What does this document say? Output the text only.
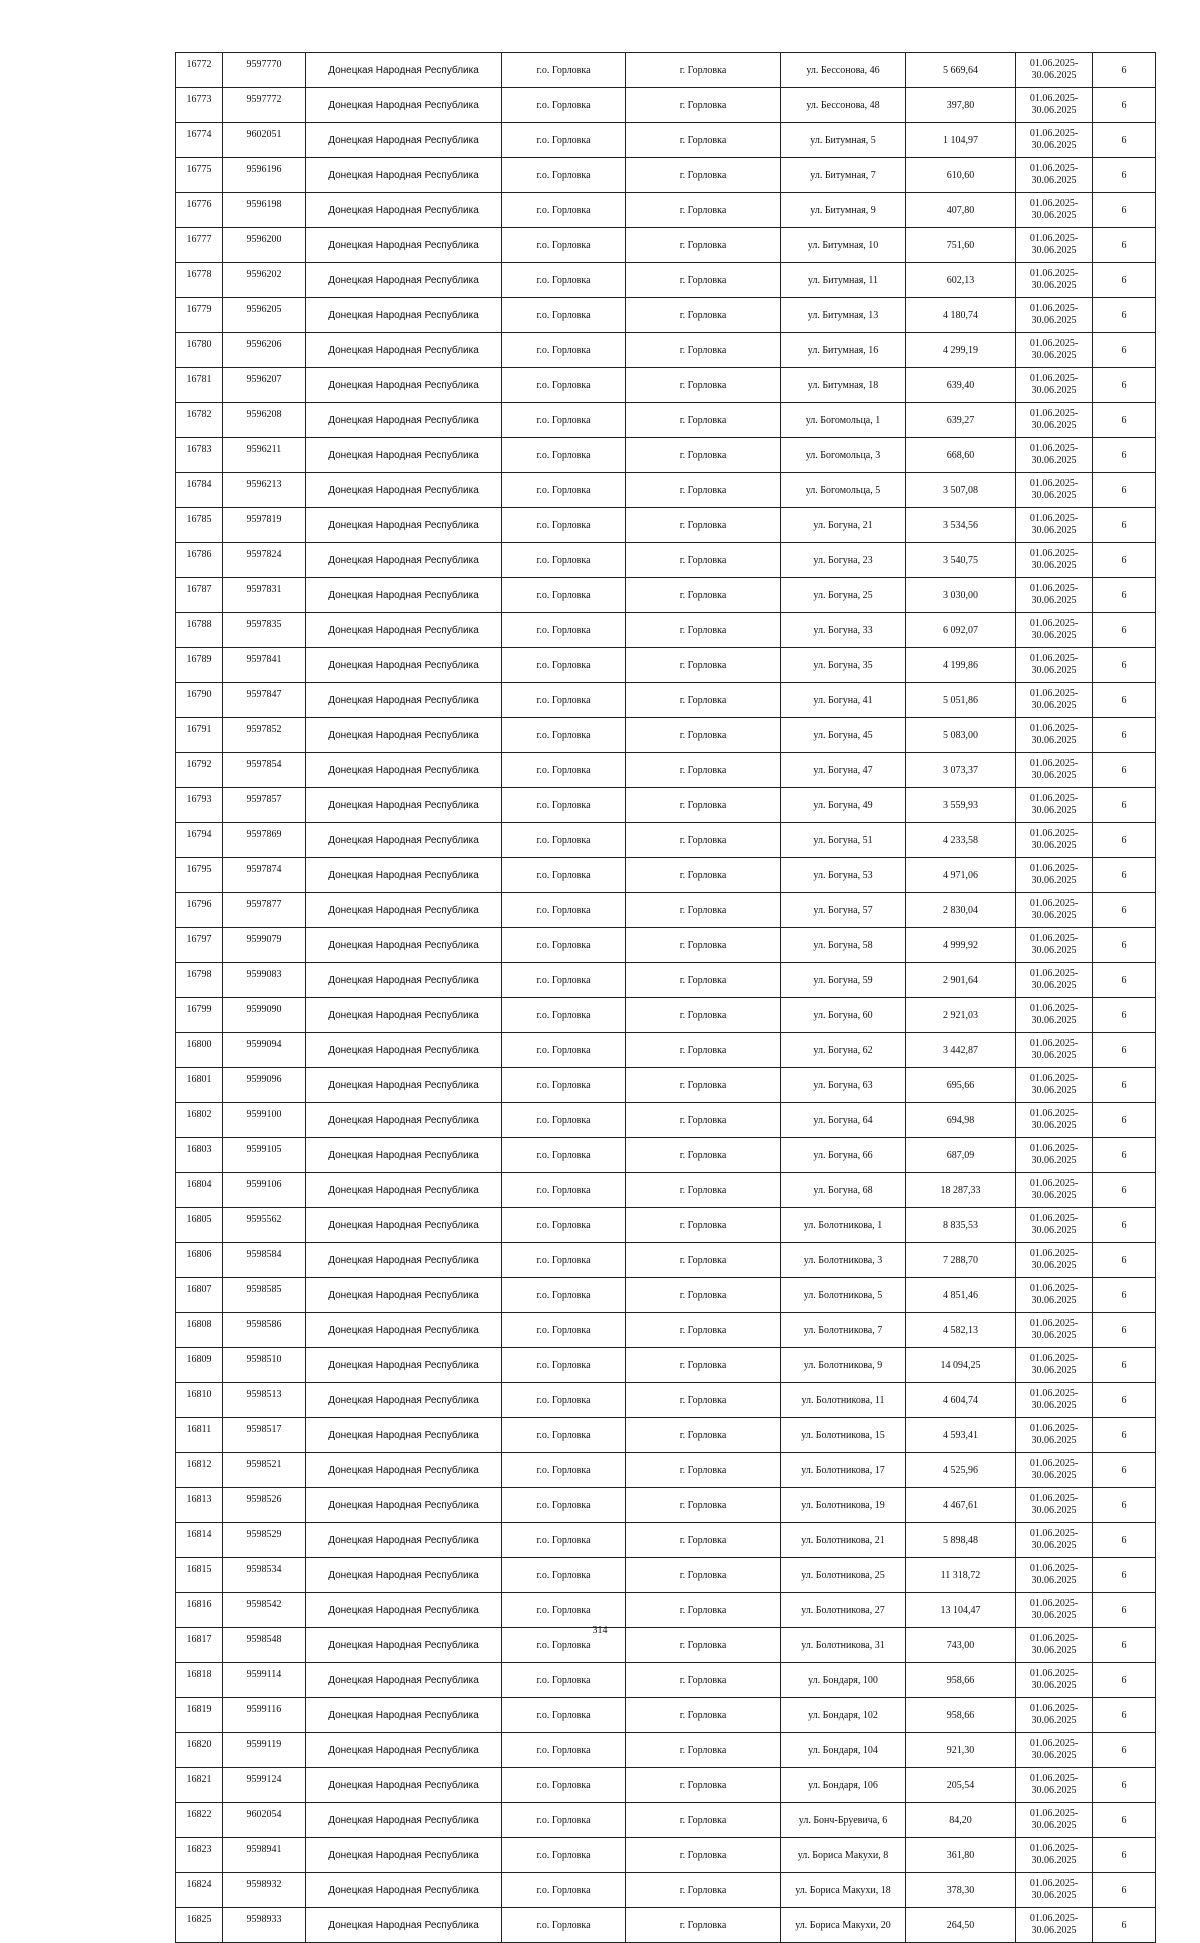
16772	9597770	Донецкая Народная Республика	г.о. Горловка	г. Горловка	ул. Бессонова, 46	5 669,64	01.06.2025-30.06.2025	6
16773	9597772	Донецкая Народная Республика	г.о. Горловка	г. Горловка	ул. Бессонова, 48	397,80	01.06.2025-30.06.2025	6
16774	9602051	Донецкая Народная Республика	г.о. Горловка	г. Горловка	ул. Битумная, 5	1 104,97	01.06.2025-30.06.2025	6
16775	9596196	Донецкая Народная Республика	г.о. Горловка	г. Горловка	ул. Битумная, 7	610,60	01.06.2025-30.06.2025	6
16776	9596198	Донецкая Народная Республика	г.о. Горловка	г. Горловка	ул. Битумная, 9	407,80	01.06.2025-30.06.2025	6
16777	9596200	Донецкая Народная Республика	г.о. Горловка	г. Горловка	ул. Битумная, 10	751,60	01.06.2025-30.06.2025	6
16778	9596202	Донецкая Народная Республика	г.о. Горловка	г. Горловка	ул. Битумная, 11	602,13	01.06.2025-30.06.2025	6
16779	9596205	Донецкая Народная Республика	г.о. Горловка	г. Горловка	ул. Битумная, 13	4 180,74	01.06.2025-30.06.2025	6
16780	9596206	Донецкая Народная Республика	г.о. Горловка	г. Горловка	ул. Битумная, 16	4 299,19	01.06.2025-30.06.2025	6
16781	9596207	Донецкая Народная Республика	г.о. Горловка	г. Горловка	ул. Битумная, 18	639,40	01.06.2025-30.06.2025	6
16782	9596208	Донецкая Народная Республика	г.о. Горловка	г. Горловка	ул. Богомольца, 1	639,27	01.06.2025-30.06.2025	6
16783	9596211	Донецкая Народная Республика	г.о. Горловка	г. Горловка	ул. Богомольца, 3	668,60	01.06.2025-30.06.2025	6
16784	9596213	Донецкая Народная Республика	г.о. Горловка	г. Горловка	ул. Богомольца, 5	3 507,08	01.06.2025-30.06.2025	6
16785	9597819	Донецкая Народная Республика	г.о. Горловка	г. Горловка	ул. Богуна, 21	3 534,56	01.06.2025-30.06.2025	6
16786	9597824	Донецкая Народная Республика	г.о. Горловка	г. Горловка	ул. Богуна, 23	3 540,75	01.06.2025-30.06.2025	6
16787	9597831	Донецкая Народная Республика	г.о. Горловка	г. Горловка	ул. Богуна, 25	3 030,00	01.06.2025-30.06.2025	6
16788	9597835	Донецкая Народная Республика	г.о. Горловка	г. Горловка	ул. Богуна, 33	6 092,07	01.06.2025-30.06.2025	6
16789	9597841	Донецкая Народная Республика	г.о. Горловка	г. Горловка	ул. Богуна, 35	4 199,86	01.06.2025-30.06.2025	6
16790	9597847	Донецкая Народная Республика	г.о. Горловка	г. Горловка	ул. Богуна, 41	5 051,86	01.06.2025-30.06.2025	6
16791	9597852	Донецкая Народная Республика	г.о. Горловка	г. Горловка	ул. Богуна, 45	5 083,00	01.06.2025-30.06.2025	6
16792	9597854	Донецкая Народная Республика	г.о. Горловка	г. Горловка	ул. Богуна, 47	3 073,37	01.06.2025-30.06.2025	6
16793	9597857	Донецкая Народная Республика	г.о. Горловка	г. Горловка	ул. Богуна, 49	3 559,93	01.06.2025-30.06.2025	6
16794	9597869	Донецкая Народная Республика	г.о. Горловка	г. Горловка	ул. Богуна, 51	4 233,58	01.06.2025-30.06.2025	6
16795	9597874	Донецкая Народная Республика	г.о. Горловка	г. Горловка	ул. Богуна, 53	4 971,06	01.06.2025-30.06.2025	6
16796	9597877	Донецкая Народная Республика	г.о. Горловка	г. Горловка	ул. Богуна, 57	2 830,04	01.06.2025-30.06.2025	6
16797	9599079	Донецкая Народная Республика	г.о. Горловка	г. Горловка	ул. Богуна, 58	4 999,92	01.06.2025-30.06.2025	6
16798	9599083	Донецкая Народная Республика	г.о. Горловка	г. Горловка	ул. Богуна, 59	2 901,64	01.06.2025-30.06.2025	6
16799	9599090	Донецкая Народная Республика	г.о. Горловка	г. Горловка	ул. Богуна, 60	2 921,03	01.06.2025-30.06.2025	6
16800	9599094	Донецкая Народная Республика	г.о. Горловка	г. Горловка	ул. Богуна, 62	3 442,87	01.06.2025-30.06.2025	6
16801	9599096	Донецкая Народная Республика	г.о. Горловка	г. Горловка	ул. Богуна, 63	695,66	01.06.2025-30.06.2025	6
16802	9599100	Донецкая Народная Республика	г.о. Горловка	г. Горловка	ул. Богуна, 64	694,98	01.06.2025-30.06.2025	6
16803	9599105	Донецкая Народная Республика	г.о. Горловка	г. Горловка	ул. Богуна, 66	687,09	01.06.2025-30.06.2025	6
16804	9599106	Донецкая Народная Республика	г.о. Горловка	г. Горловка	ул. Богуна, 68	18 287,33	01.06.2025-30.06.2025	6
16805	9595562	Донецкая Народная Республика	г.о. Горловка	г. Горловка	ул. Болотникова, 1	8 835,53	01.06.2025-30.06.2025	6
16806	9598584	Донецкая Народная Республика	г.о. Горловка	г. Горловка	ул. Болотникова, 3	7 288,70	01.06.2025-30.06.2025	6
16807	9598585	Донецкая Народная Республика	г.о. Горловка	г. Горловка	ул. Болотникова, 5	4 851,46	01.06.2025-30.06.2025	6
16808	9598586	Донецкая Народная Республика	г.о. Горловка	г. Горловка	ул. Болотникова, 7	4 582,13	01.06.2025-30.06.2025	6
16809	9598510	Донецкая Народная Республика	г.о. Горловка	г. Горловка	ул. Болотникова, 9	14 094,25	01.06.2025-30.06.2025	6
16810	9598513	Донецкая Народная Республика	г.о. Горловка	г. Горловка	ул. Болотникова, 11	4 604,74	01.06.2025-30.06.2025	6
16811	9598517	Донецкая Народная Республика	г.о. Горловка	г. Горловка	ул. Болотникова, 15	4 593,41	01.06.2025-30.06.2025	6
16812	9598521	Донецкая Народная Республика	г.о. Горловка	г. Горловка	ул. Болотникова, 17	4 525,96	01.06.2025-30.06.2025	6
16813	9598526	Донецкая Народная Республика	г.о. Горловка	г. Горловка	ул. Болотникова, 19	4 467,61	01.06.2025-30.06.2025	6
16814	9598529	Донецкая Народная Республика	г.о. Горловка	г. Горловка	ул. Болотникова, 21	5 898,48	01.06.2025-30.06.2025	6
16815	9598534	Донецкая Народная Республика	г.о. Горловка	г. Горловка	ул. Болотникова, 25	11 318,72	01.06.2025-30.06.2025	6
16816	9598542	Донецкая Народная Республика	г.о. Горловка	г. Горловка	ул. Болотникова, 27	13 104,47	01.06.2025-30.06.2025	6
16817	9598548	Донецкая Народная Республика	г.о. Горловка	г. Горловка	ул. Болотникова, 31	743,00	01.06.2025-30.06.2025	6
16818	9599114	Донецкая Народная Республика	г.о. Горловка	г. Горловка	ул. Бондаря, 100	958,66	01.06.2025-30.06.2025	6
16819	9599116	Донецкая Народная Республика	г.о. Горловка	г. Горловка	ул. Бондаря, 102	958,66	01.06.2025-30.06.2025	6
16820	9599119	Донецкая Народная Республика	г.о. Горловка	г. Горловка	ул. Бондаря, 104	921,30	01.06.2025-30.06.2025	6
16821	9599124	Донецкая Народная Республика	г.о. Горловка	г. Горловка	ул. Бондаря, 106	205,54	01.06.2025-30.06.2025	6
16822	9602054	Донецкая Народная Республика	г.о. Горловка	г. Горловка	ул. Бонч-Бруевича, 6	84,20	01.06.2025-30.06.2025	6
16823	9598941	Донецкая Народная Республика	г.о. Горловка	г. Горловка	ул. Бориса Макухи, 8	361,80	01.06.2025-30.06.2025	6
16824	9598932	Донецкая Народная Республика	г.о. Горловка	г. Горловка	ул. Бориса Макухи, 18	378,30	01.06.2025-30.06.2025	6
16825	9598933	Донецкая Народная Республика	г.о. Горловка	г. Горловка	ул. Бориса Макухи, 20	264,50	01.06.2025-30.06.2025	6
314
